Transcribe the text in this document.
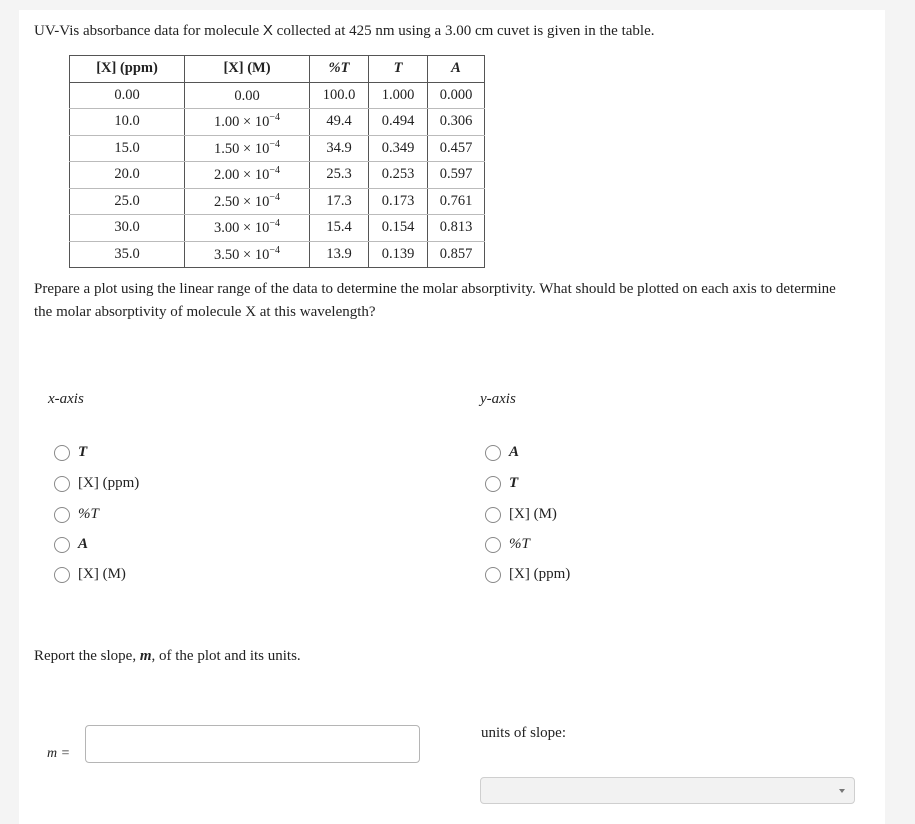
UV-Vis absorbance data for molecule X collected at 425 nm using a 3.00 cm cuvet is given in the table.
[X] (ppm)	[X] (M)	%T	T	A
0.00	0.00	100.0	1.000	0.000
10.0	$1.00 \times 10^{-4}$	49.4	0.494	0.306
15.0	$1.50 \times 10^{-4}$	34.9	0.349	0.457
20.0	$2.00 \times 10^{-4}$	25.3	0.253	0.597
25.0	$2.50 \times 10^{-4}$	17.3	0.173	0.761
30.0	$3.00 \times 10^{-4}$	15.4	0.154	0.813
35.0	$3.50 \times 10^{-4}$	13.9	0.139	0.857
Prepare a plot using the linear range of the data to determine the molar absorptivity. What should be plotted on each axis to determine the molar absorptivity of molecule X at this wavelength?
x-axis
T
[X] (ppm)
%T
A
[X] (M)
y-axis
A
T
[X] (M)
%T
[X] (ppm)
Report the slope, m, of the plot and its units.
m =
units of slope:
